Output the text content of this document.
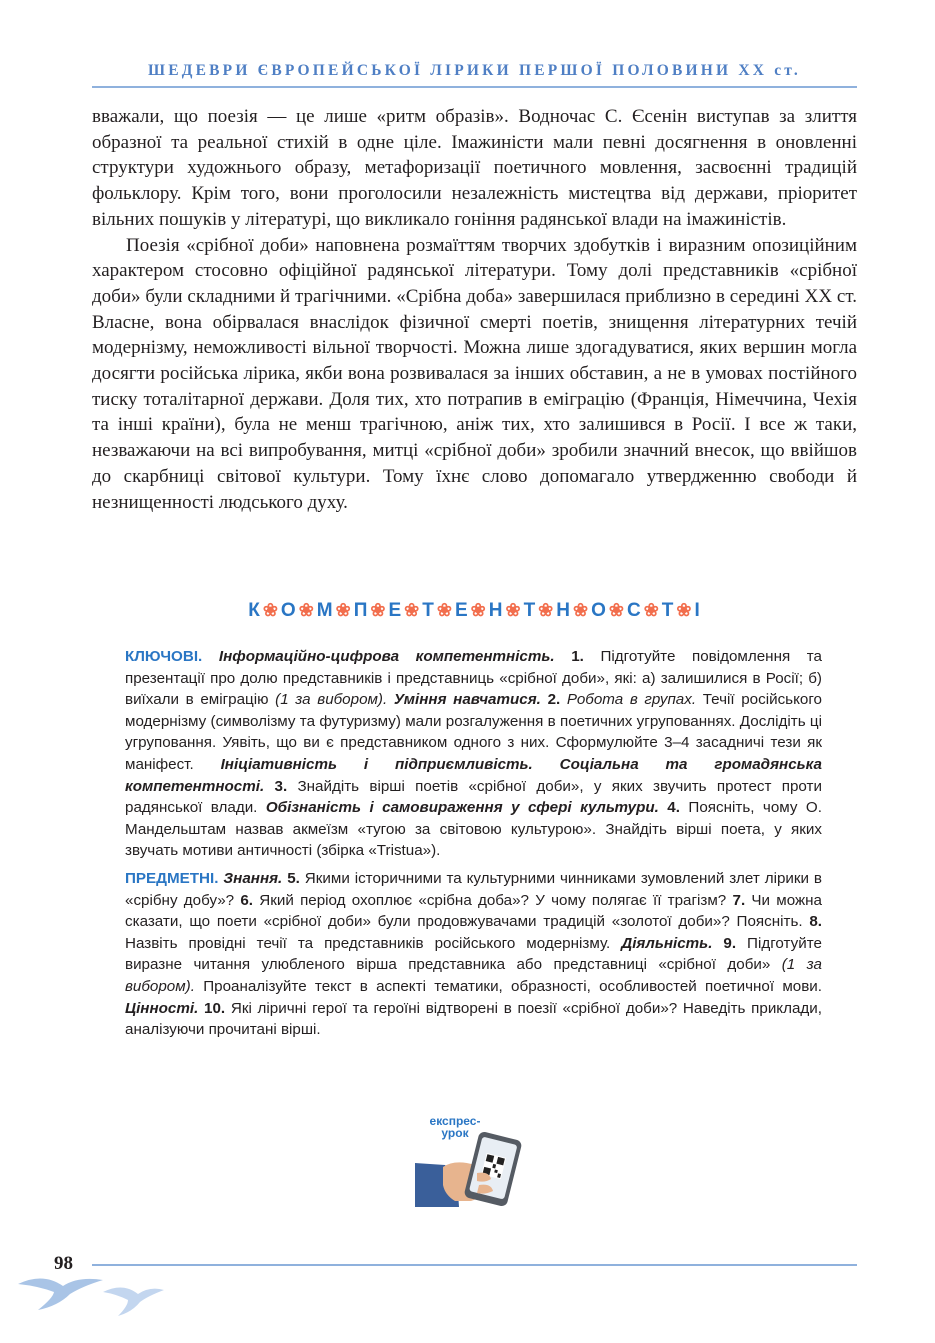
ШЕДЕВРИ ЄВРОПЕЙСЬКОЇ ЛІРИКИ ПЕРШОЇ ПОЛОВИНИ XX ст.

вважали, що поезія — це лише «ритм образів». Водночас С. Єсенін виступав за злиття образної та реальної стихій в одне ціле. Імажиністи мали певні досягнення в оновленні структури художнього образу, метафоризації поетичного мовлення, засвоєнні традицій фольклору. Крім того, вони проголосили незалежність мистецтва від держави, пріоритет вільних пошуків у літературі, що викликало гоніння радянської влади на імажиністів.

Поезія «срібної доби» наповнена розмаїттям творчих здобутків і виразним опозиційним характером стосовно офіційної радянської літератури. Тому долі представників «срібної доби» були складними й трагічними. «Срібна доба» завершилася приблизно в середині XX ст. Власне, вона обірвалася внаслідок фізичної смерті поетів, знищення літературних течій модернізму, неможливості вільної творчості. Можна лише здогадуватися, яких вершин могла досягти російська лірика, якби вона розвивалася за інших обставин, а не в умовах постійного тиску тоталітарної держави. Доля тих, хто потрапив в еміграцію (Франція, Німеччина, Чехія та інші країни), була не менш трагічною, аніж тих, хто залишився в Росії. І все ж таки, незважаючи на всі випробування, митці «срібної доби» зробили значний внесок, що ввійшов до скарбниці світової культури. Тому їхнє слово допомагало утвердженню свободи й незнищенності людського духу.

К ❀ О ❀ М ❀ П ❀ Е ❀ Т ❀ Е ❀ Н ❀ Т ❀ Н ❀ О ❀ С ❀ Т ❀ І

КЛЮЧОВІ. Інформаційно-цифрова компетентність. 1. Підготуйте повідомлення та презентації про долю представників і представниць «срібної доби», які: а) залишилися в Росії; б) виїхали в еміграцію (1 за вибором). Уміння навчатися. 2. Робота в групах. Течії російського модернізму (символізму та футуризму) мали розгалуження в поетичних угрупованнях. Дослідіть ці угруповання. Уявіть, що ви є представником одного з них. Сформулюйте 3–4 засадничі тези як маніфест. Ініціативність і підприємливість. Соціальна та громадянська компетентності. 3. Знайдіть вірші поетів «срібної доби», у яких звучить протест проти радянської влади. Обізнаність і самовираження у сфері культури. 4. Поясніть, чому О. Мандельштам назвав акмеїзм «тугою за світовою культурою». Знайдіть вірші поета, у яких звучать мотиви античності (збірка «Tristua»).

ПРЕДМЕТНІ. Знання. 5. Якими історичними та культурними чинниками зумовлений злет лірики в «срібну добу»? 6. Який період охоплює «срібна доба»? У чому полягає її трагізм? 7. Чи можна сказати, що поети «срібної доби» були продовжувачами традицій «золотої доби»? Поясніть. 8. Назвіть провідні течії та представників російського модернізму. Діяльність. 9. Підготуйте виразне читання улюбленого вірша представника або представниці «срібної доби» (1 за вибором). Проаналізуйте текст в аспекті тематики, образності, особливостей поетичної мови. Цінності. 10. Які ліричні герої та героїні відтворені в поезії «срібної доби»? Наведіть приклади, аналізуючи прочитані вірші.

експрес-
урок
98
